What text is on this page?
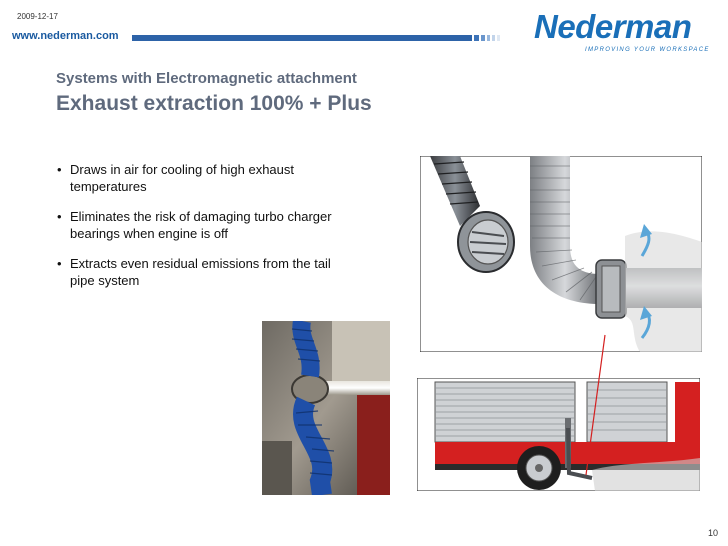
2009-12-17
www.nederman.com	Nederman
IMPROVING YOUR WORKSPACE
Systems with Electromagnetic attachment
Exhaust extraction 100% + Plus
• Draws in air for cooling of high exhaust temperatures
• Eliminates the risk of damaging turbo charger bearings when engine is off
• Extracts even residual emissions from the tail pipe system
10
